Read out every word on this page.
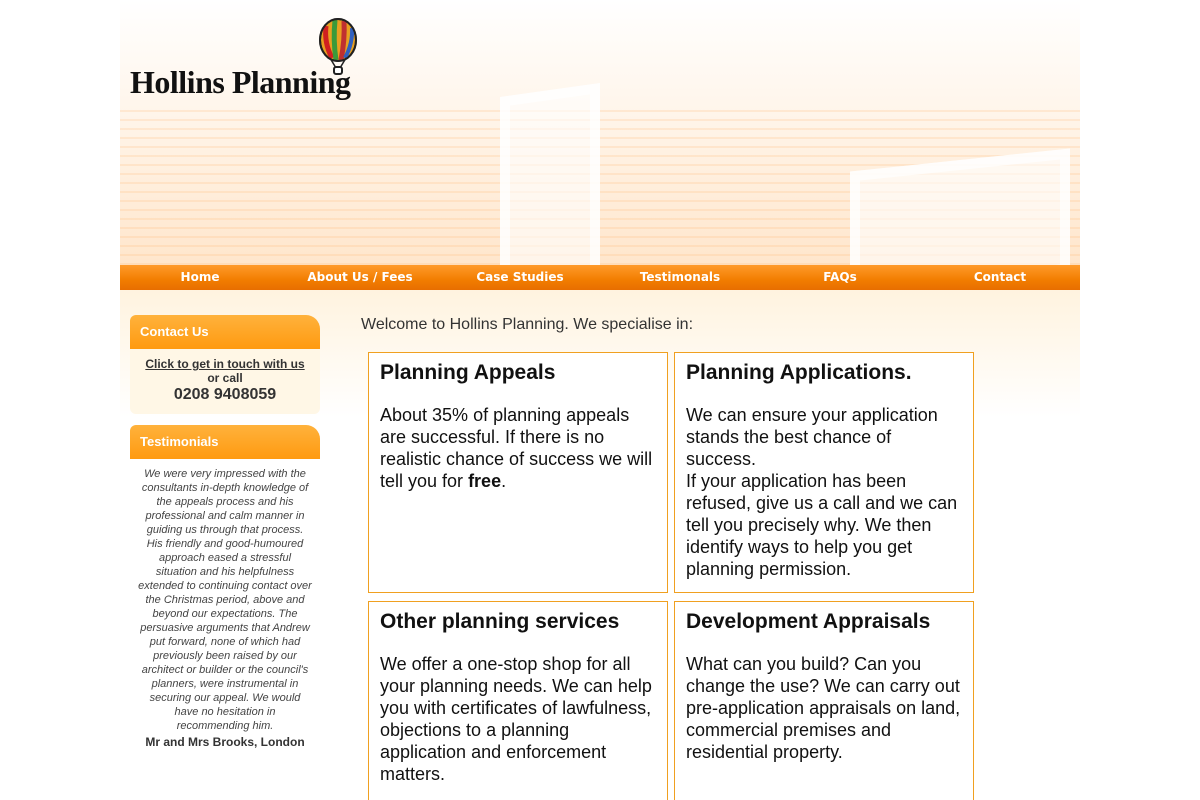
Hollins Planning
Home	About Us / Fees	Case Studies	Testimonals	FAQs	Contact
Contact Us
Click to get in touch with us
or call
0208 9408059
Testimonials
We were very impressed with the consultants in-depth knowledge of the appeals process and his professional and calm manner in guiding us through that process. His friendly and good-humoured approach eased a stressful situation and his helpfulness extended to continuing contact over the Christmas period, above and beyond our expectations. The persuasive arguments that Andrew put forward, none of which had previously been raised by our architect or builder or the council's planners, were instrumental in securing our appeal. We would have no hesitation in recommending him.
Mr and Mrs Brooks, London
Welcome to Hollins Planning. We specialise in:
Planning Appeals

About 35% of planning appeals are successful. If there is no realistic chance of success we will tell you for free.

Planning Applications.

We can ensure your application stands the best chance of success.

If your application has been refused, give us a call and we can tell you precisely why. We then identify ways to help you get planning permission.

Other planning services

We offer a one-stop shop for all your planning needs. We can help you with certificates of lawfulness, objections to a planning application and enforcement matters.

Development Appraisals

What can you build? Can you change the use? We can carry out pre-application appraisals on land, commercial premises and residential property.
